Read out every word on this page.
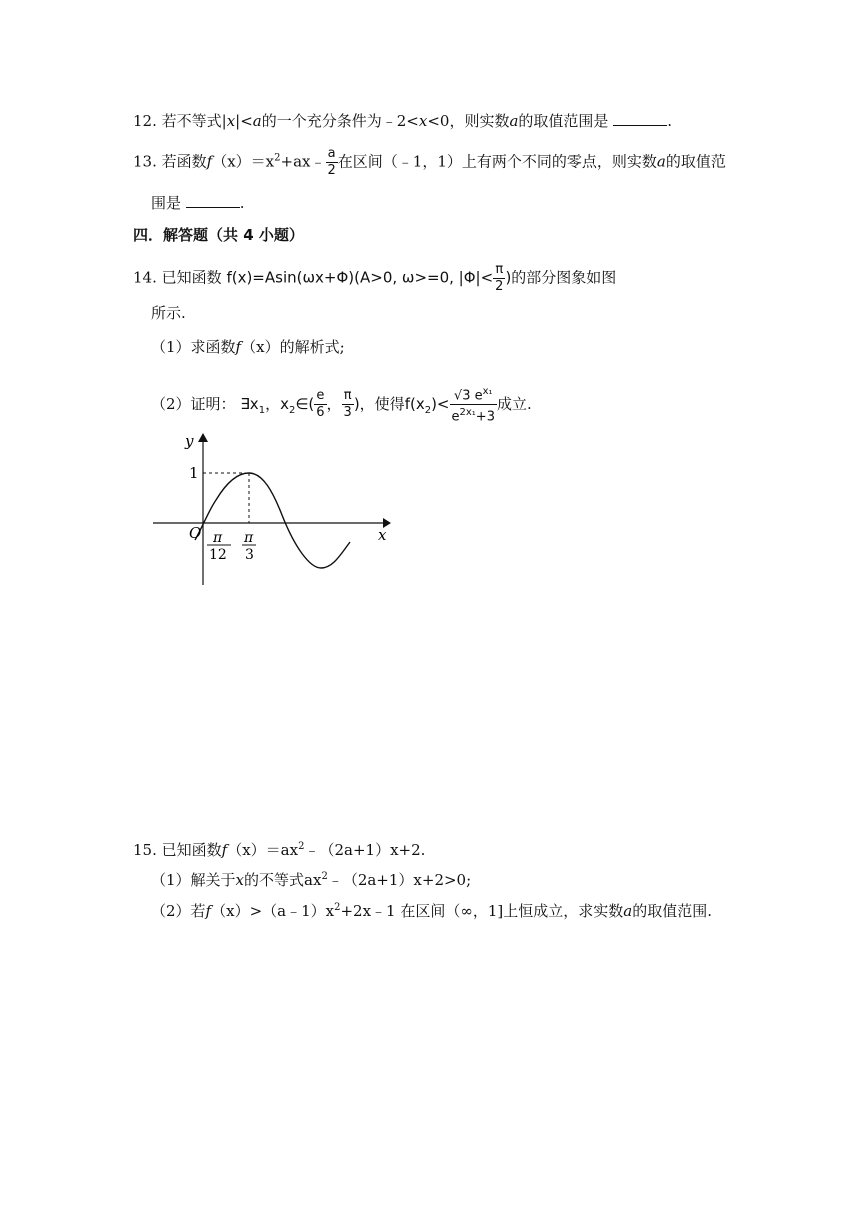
12. 若不等式|x|<a的一个充分条件为﹣2<x<0，则实数a的取值范围是	.
13. 若函数$f(x)=x^2+ax﹣ \frac{a}{2}$ 在区间（﹣1，1）上有两个不同的零点，则实数a的取值范
围是	.
四．解答题（共 4 小题）
14. 已知函数 f(x)=Asin(ωx+Φ)(A>0, ω>=0, $|\Phi|< \frac{\pi}{2}$ )的部分图象如图
所示.
（1）求函数f（x）的解析式;
（2）证明： $\exists x_1$，$x_2\in( \frac{e}{6}$ ， $\frac{\pi}{3}$ )，使得$f(x_2)< \frac{√3 e^{x_1}}{e^{2x_1}+3}$ 成立.
y
x
O
1
π
12
π
3
15. 已知函数$f(x)=ax^2﹣(2a+1)x+2$.
（1）解关于x的不等式$ax^2﹣(2a+1)x+2>0$;
（2）若$f(x)>(a﹣1)x^2+2x﹣1$ 在区间（∞，1]上恒成立，求实数a的取值范围.
